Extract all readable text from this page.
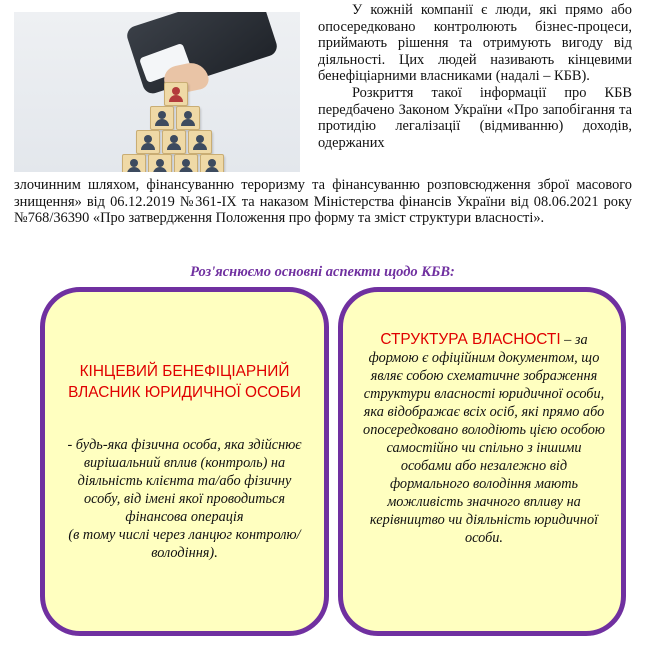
У кожній компанії є люди, які прямо або опосередковано контролюють бізнес-процеси, приймають рішення та отримують вигоду від діяльності. Цих людей називають кінцевими бенефіціарними власниками (надалі – КБВ).

Розкриття такої інформації про КБВ передбачено Законом України «Про запобігання та протидію легалізації (відмиванню) доходів, одержаних

злочинним шляхом, фінансуванню тероризму та фінансуванню розповсюдження зброї масового знищення» від 06.12.2019 №361-IX та наказом Міністерства фінансів України від 08.06.2021 року №768/36390 «Про затвердження Положення про форму та зміст структури власності».
Роз'яснюємо основні аспекти щодо КБВ:
КІНЦЕВИЙ БЕНЕФІЦІАРНИЙ ВЛАСНИК ЮРИДИЧНОЇ ОСОБИ
- будь-яка фізична особа, яка здійснює вирішальний вплив (контроль) на діяльність клієнта та/або фізичну особу, від імені якої проводиться фінансова операція
(в тому числі через ланцюг контролю/володіння).
СТРУКТУРА ВЛАСНОСТІ – за формою є офіційним документом, що являє собою схематичне зображення структури власності юридичної особи, яка відображає всіх осіб, які прямо або опосередковано володіють цією особою самостійно чи спільно з іншими особами або незалежно від формального володіння мають можливість значного впливу на керівництво чи діяльність юридичної особи.
